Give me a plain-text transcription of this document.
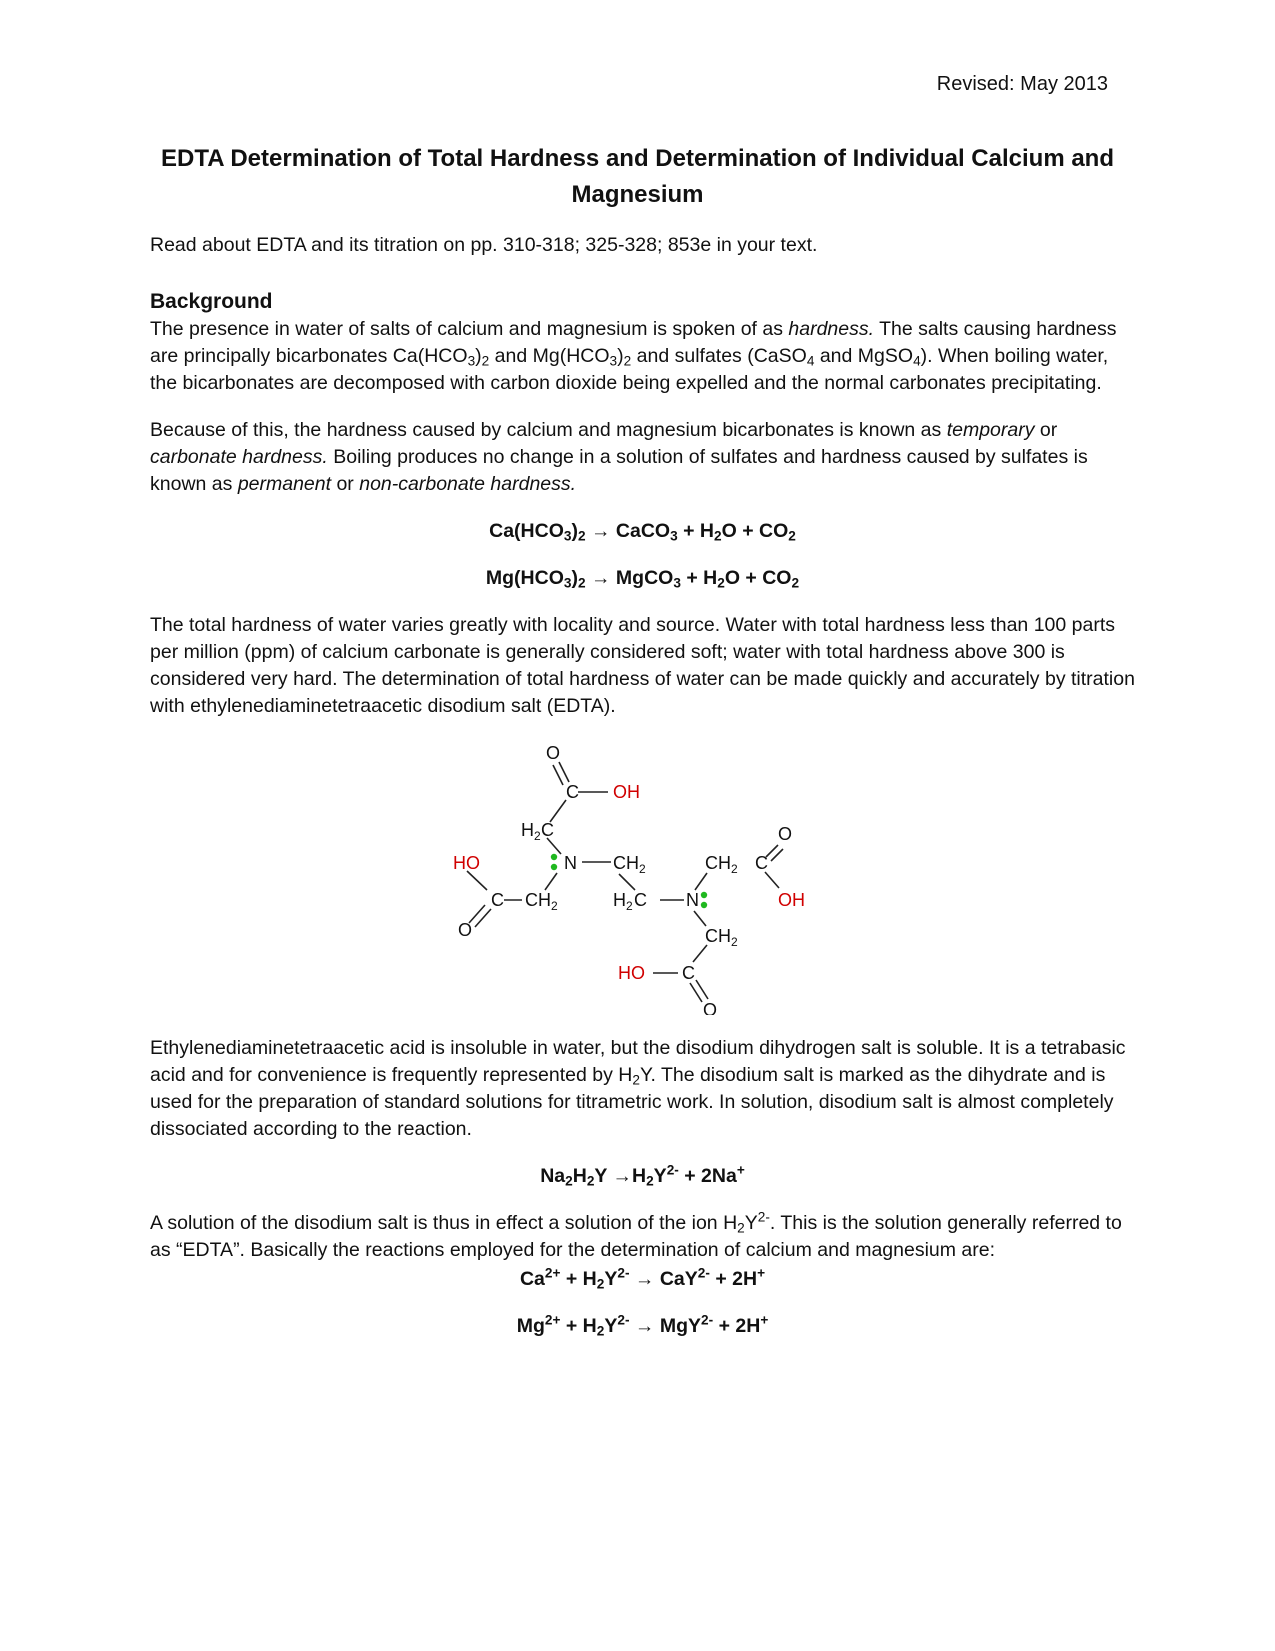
Revised: May 2013

EDTA Determination of Total Hardness and Determination of Individual Calcium and Magnesium

Read about EDTA and its titration on pp. 310-318; 325-328; 853e in your text.

Background

The presence in water of salts of calcium and magnesium is spoken of as hardness. The salts causing hardness are principally bicarbonates $Ca(HCO_3)_2$ and $Mg(HCO_3)_2$ and sulfates (CaSO$_4$ and MgSO$_4$). When boiling water, the bicarbonates are decomposed with carbon dioxide being expelled and the normal carbonates precipitating.

Because of this, the hardness caused by calcium and magnesium bicarbonates is known as temporary or carbonate hardness. Boiling produces no change in a solution of sulfates and hardness caused by sulfates is known as permanent or non-carbonate hardness.

$Ca(HCO_3)_2$ → CaCO$_3$ + $H_2O + CO_2$

$Mg(HCO_3)_2$ → MgCO$_3$ + $H_2O + CO_2$

The total hardness of water varies greatly with locality and source. Water with total hardness less than 100 parts per million (ppm) of calcium carbonate is generally considered soft; water with total hardness above 300 is considered very hard. The determination of total hardness of water can be made quickly and accurately by titration with ethylenediaminetetraacetic disodium salt (EDTA).

O
C OH
H 2 C
N CH 2
HO
C CH 2
O
H 2 C N
CH 2 C
O
OH
CH 2
C
HO
O

Ethylenediaminetetraacetic acid is insoluble in water, but the disodium dihydrogen salt is soluble. It is a tetrabasic acid and for convenience is frequently represented by $H_2Y$. The disodium salt is marked as the dihydrate and is used for the preparation of standard solutions for titrametric work. In solution, disodium salt is almost completely dissociated according to the reaction.

$Na_2H_2Y \to H_2Y^{2-} + 2Na^+$

A solution of the disodium salt is thus in effect a solution of the ion $H_2Y^{2-}$. This is the solution generally referred to as “EDTA”. Basically the reactions employed for the determination of calcium and magnesium are:

$Ca^{2+} + H_2Y^{2-} \to CaY^{2-} + 2H^+$

$Mg^{2+} + H_2Y^{2-} \to MgY^{2-} + 2H^+$
